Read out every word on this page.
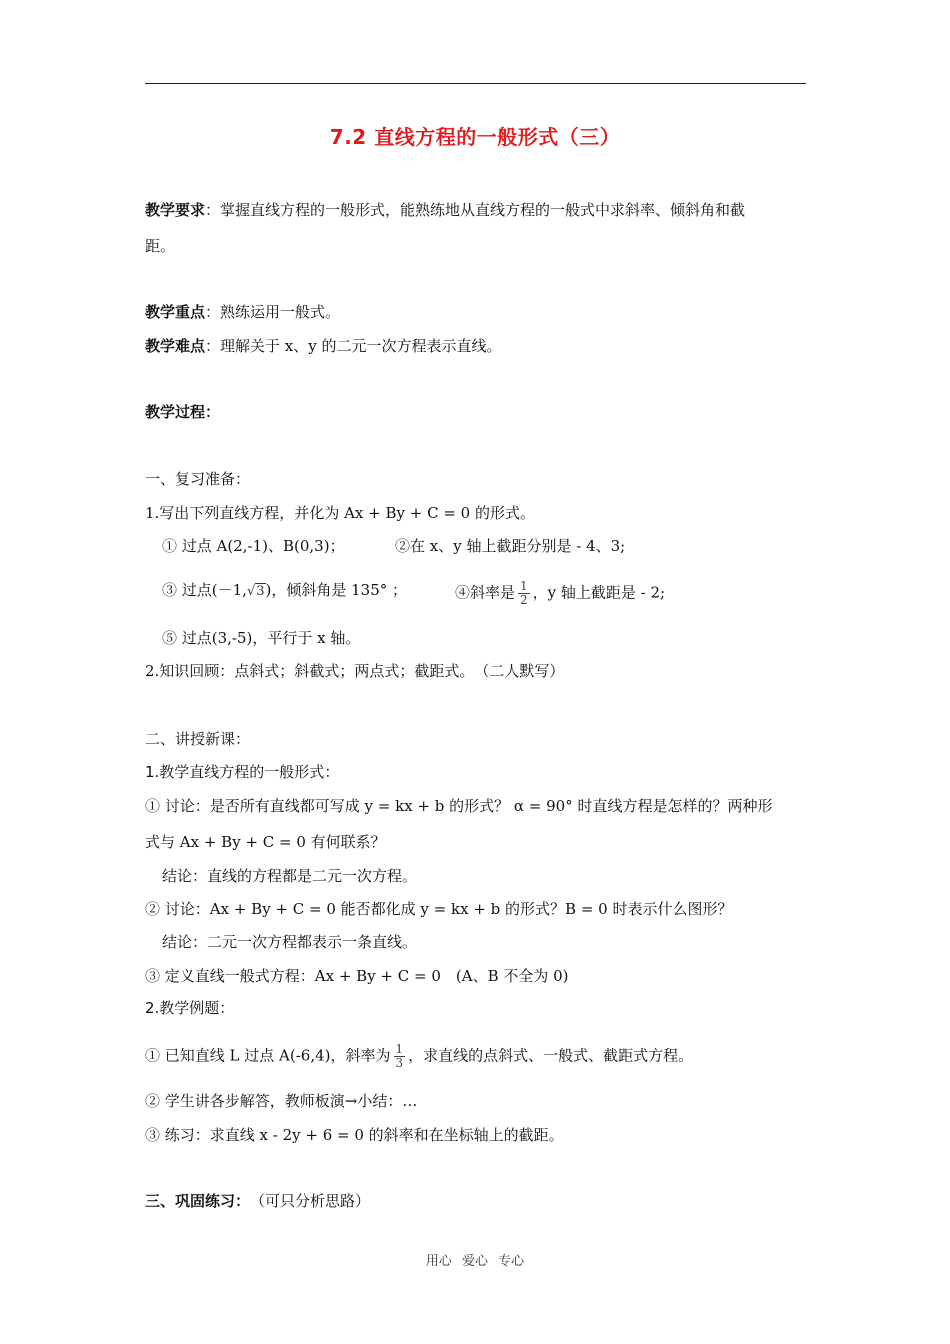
7.2 直线方程的一般形式（三）
教学要求：掌握直线方程的一般形式，能熟练地从直线方程的一般式中求斜率、倾斜角和截
距。
教学重点：熟练运用一般式。
教学难点：理解关于 x、y 的二元一次方程表示直线。
教学过程：
一、复习准备：
1.写出下列直线方程，并化为 Ax + By + C = 0 的形式。
① 过点 A(2,-1)、B(0,3)；	②在 x、y 轴上截距分别是 - 4、3;
③ 过点(－1,√3)，倾斜角是 135° ；	④斜率是 $\frac{1}{2}$ ，y 轴上截距是 - 2;
⑤ 过点(3,-5)，平行于 x 轴。
2.知识回顾：点斜式；斜截式；两点式；截距式。　（二人默写）
二、讲授新课：
1.教学直线方程的一般形式：
① 讨论：是否所有直线都可写成 y = kx + b 的形式？ α = 90° 时直线方程是怎样的？两种形
式与 Ax + By + C = 0 有何联系？
结论：直线的方程都是二元一次方程。
② 讨论：Ax + By + C = 0 能否都化成 y = kx + b 的形式？B = 0 时表示什么图形？
结论：二元一次方程都表示一条直线。
③ 定义直线一般式方程：Ax + By + C = 0　(A、B 不全为 0)
2.教学例题：
① 已知直线 L 过点 A(-6,4)，斜率为 $\frac{1}{3}$ ，求直线的点斜式、一般式、截距式方程。
② 学生讲各步解答，教师板演→小结：…
③ 练习：求直线 x - 2y + 6 = 0 的斜率和在坐标轴上的截距。
三、巩固练习：　（可只分析思路）
用心 爱心 专心
